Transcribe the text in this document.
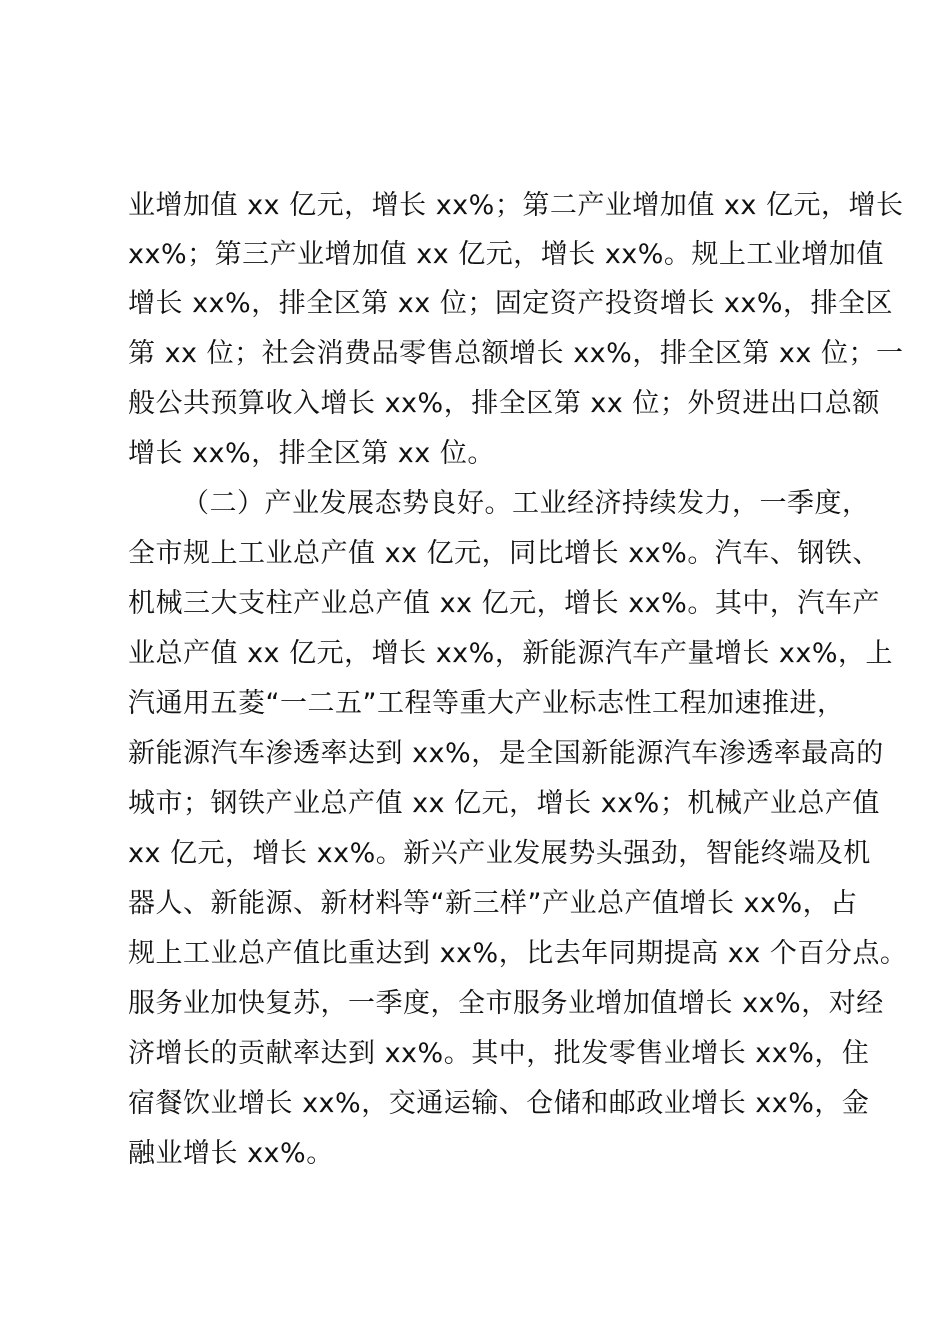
业增加值 xx 亿元，增长 xx%；第二产业增加值 xx 亿元，增长
xx%；第三产业增加值 xx 亿元，增长 xx%。规上工业增加值
增长 xx%，排全区第 xx 位；固定资产投资增长 xx%，排全区
第 xx 位；社会消费品零售总额增长 xx%，排全区第 xx 位；一
般公共预算收入增长 xx%，排全区第 xx 位；外贸进出口总额
增长 xx%，排全区第 xx 位。
（二）产业发展态势良好。工业经济持续发力，一季度，
全市规上工业总产值 xx 亿元，同比增长 xx%。汽车、钢铁、
机械三大支柱产业总产值 xx 亿元，增长 xx%。其中，汽车产
业总产值 xx 亿元，增长 xx%，新能源汽车产量增长 xx%，上
汽通用五菱“一二五”工程等重大产业标志性工程加速推进，
新能源汽车渗透率达到 xx%，是全国新能源汽车渗透率最高的
城市；钢铁产业总产值 xx 亿元，增长 xx%；机械产业总产值
xx 亿元，增长 xx%。新兴产业发展势头强劲，智能终端及机
器人、新能源、新材料等“新三样”产业总产值增长 xx%，占
规上工业总产值比重达到 xx%，比去年同期提高 xx 个百分点。
服务业加快复苏，一季度，全市服务业增加值增长 xx%，对经
济增长的贡献率达到 xx%。其中，批发零售业增长 xx%，住
宿餐饮业增长 xx%，交通运输、仓储和邮政业增长 xx%，金
融业增长 xx%。
